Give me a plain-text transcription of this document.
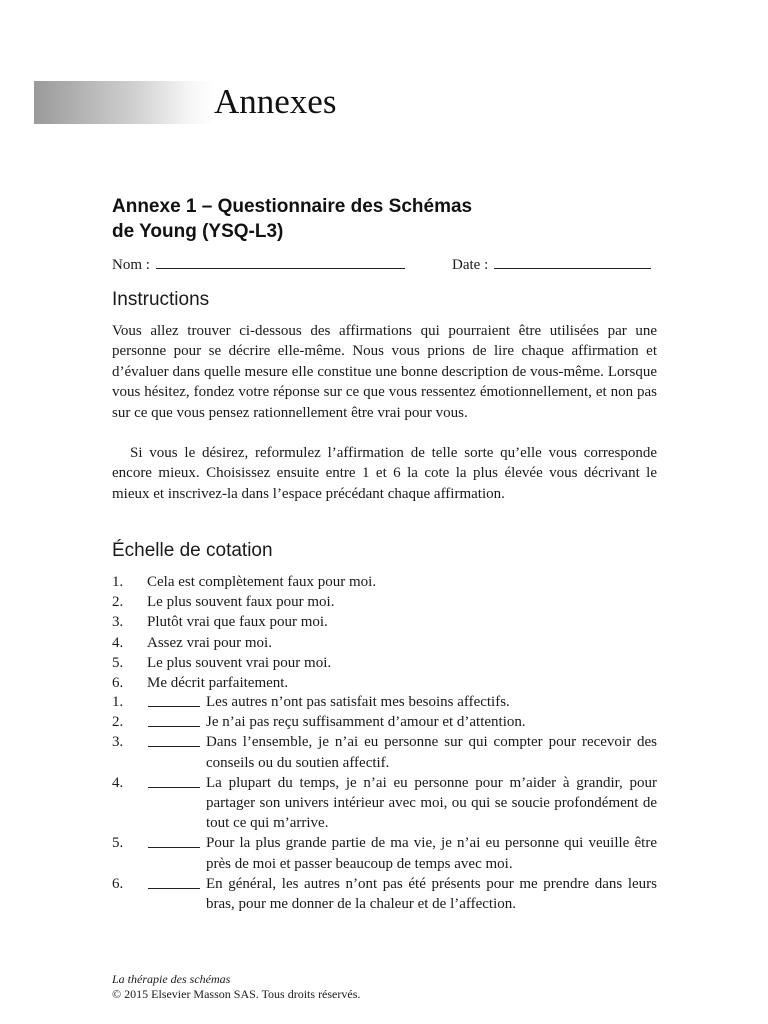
Annexes
Annexe 1 – Questionnaire des Schémas
de Young (YSQ-L3)
Nom :	Date :
Instructions

Vous allez trouver ci-dessous des affirmations qui pourraient être utilisées par une personne pour se décrire elle-même. Nous vous prions de lire chaque affirmation et d’évaluer dans quelle mesure elle constitue une bonne description de vous-même. Lorsque vous hésitez, fondez votre réponse sur ce que vous ressentez émotionnellement, et non pas sur ce que vous pensez rationnellement être vrai pour vous.

Si vous le désirez, reformulez l’affirmation de telle sorte qu’elle vous corresponde encore mieux. Choisissez ensuite entre 1 et 6 la cote la plus élevée vous décrivant le mieux et inscrivez-la dans l’espace précédant chaque affirmation.

Échelle de cotation
1.	Cela est complètement faux pour moi.
2.	Le plus souvent faux pour moi.
3.	Plutôt vrai que faux pour moi.
4.	Assez vrai pour moi.
5.	Le plus souvent vrai pour moi.
6.	Me décrit parfaitement.
1.	Les autres n’ont pas satisfait mes besoins affectifs.
2.	Je n’ai pas reçu suffisamment d’amour et d’attention.
3.	Dans l’ensemble, je n’ai eu personne sur qui compter pour recevoir des conseils ou du soutien affectif.
4.	La plupart du temps, je n’ai eu personne pour m’aider à grandir, pour partager son univers intérieur avec moi, ou qui se soucie profondément de tout ce qui m’arrive.
5.	Pour la plus grande partie de ma vie, je n’ai eu personne qui veuille être près de moi et passer beaucoup de temps avec moi.
6.	En général, les autres n’ont pas été présents pour me prendre dans leurs bras, pour me donner de la chaleur et de l’affection.
La thérapie des schémas
© 2015 Elsevier Masson SAS. Tous droits réservés.
